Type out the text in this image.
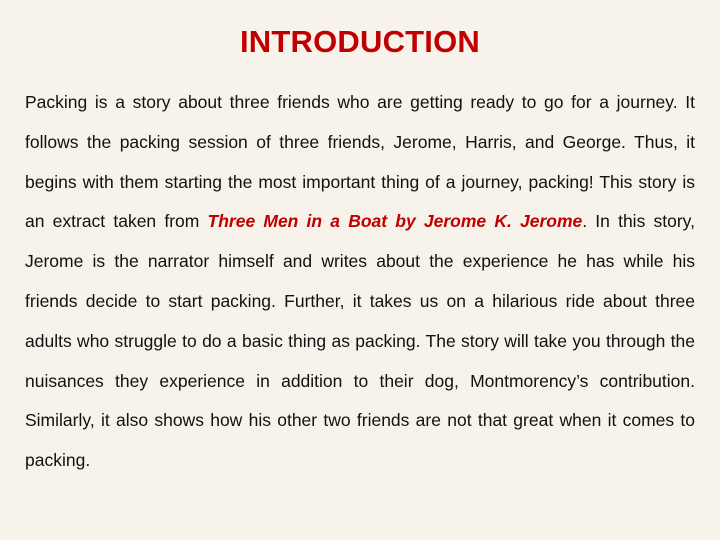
INTRODUCTION

Packing is a story about three friends who are getting ready to go for a journey. It follows the packing session of three friends, Jerome, Harris, and George. Thus, it begins with them starting the most important thing of a journey, packing! This story is an extract taken from Three Men in a Boat by Jerome K. Jerome. In this story, Jerome is the narrator himself and writes about the experience he has while his friends decide to start packing. Further, it takes us on a hilarious ride about three adults who struggle to do a basic thing as packing. The story will take you through the nuisances they experience in addition to their dog, Montmorency’s contribution. Similarly, it also shows how his other two friends are not that great when it comes to packing.
